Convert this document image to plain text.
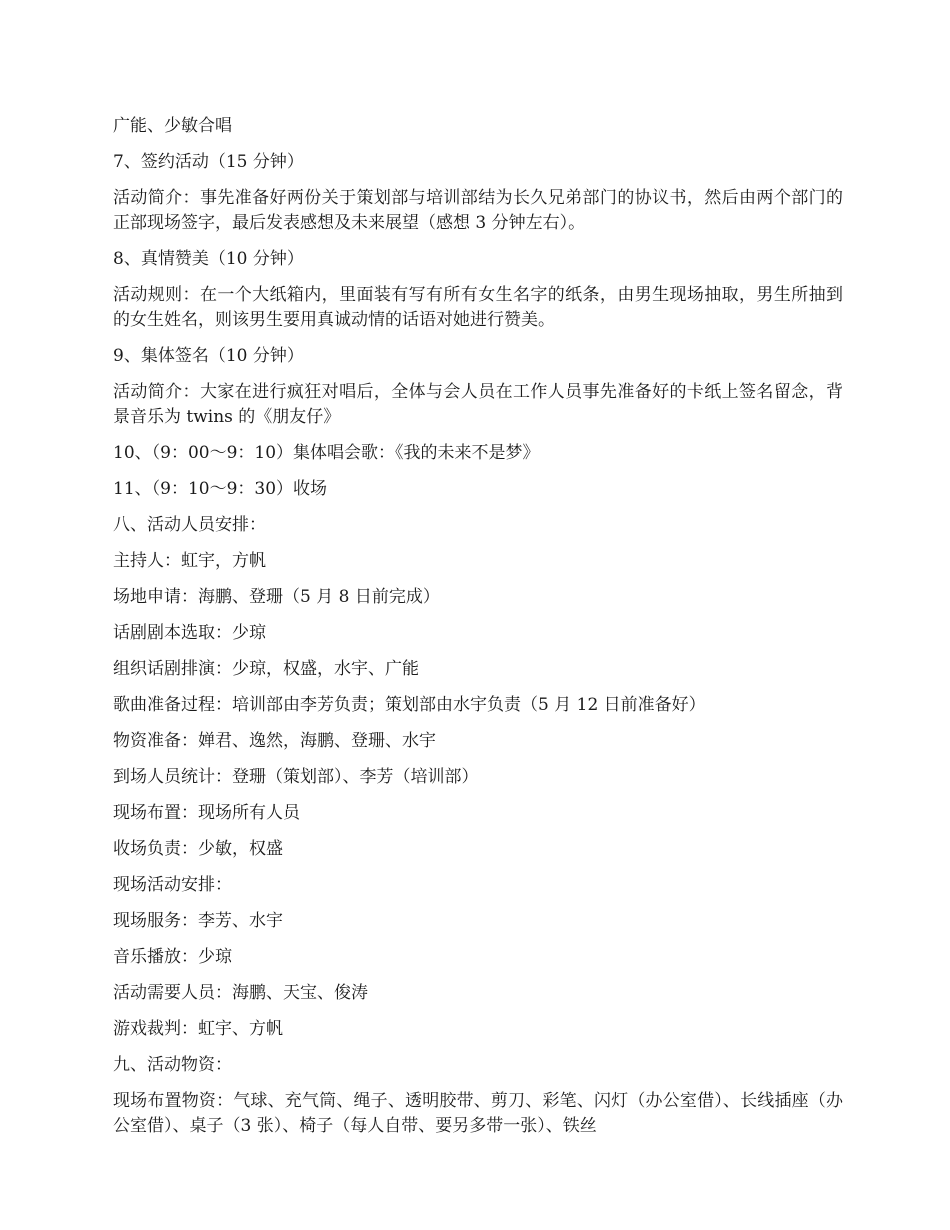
广能、少敏合唱
7、签约活动（15 分钟）
活动简介：事先准备好两份关于策划部与培训部结为长久兄弟部门的协议书，然后由两个部门的正部现场签字，最后发表感想及未来展望（感想 3 分钟左右）。
8、真情赞美（10 分钟）
活动规则：在一个大纸箱内，里面装有写有所有女生名字的纸条，由男生现场抽取，男生所抽到的女生姓名，则该男生要用真诚动情的话语对她进行赞美。
9、集体签名（10 分钟）
活动简介：大家在进行疯狂对唱后，全体与会人员在工作人员事先准备好的卡纸上签名留念，背景音乐为 twins 的《朋友仔》
10、（9：00～9：10）集体唱会歌：《我的未来不是梦》
11、（9：10～9：30）收场
八、活动人员安排：
主持人：虹宇，方帆
场地申请：海鹏、登珊（5 月 8 日前完成）
话剧剧本选取：少琼
组织话剧排演：少琼，权盛，水宇、广能
歌曲准备过程：培训部由李芳负责；策划部由水宇负责（5 月 12 日前准备好）
物资准备：婵君、逸然，海鹏、登珊、水宇
到场人员统计：登珊（策划部）、李芳（培训部）
现场布置：现场所有人员
收场负责：少敏，权盛
现场活动安排：
现场服务：李芳、水宇
音乐播放：少琼
活动需要人员：海鹏、天宝、俊涛
游戏裁判：虹宇、方帆
九、活动物资：
现场布置物资：气球、充气筒、绳子、透明胶带、剪刀、彩笔、闪灯（办公室借）、长线插座（办公室借）、桌子（3 张）、椅子（每人自带、要另多带一张）、铁丝
